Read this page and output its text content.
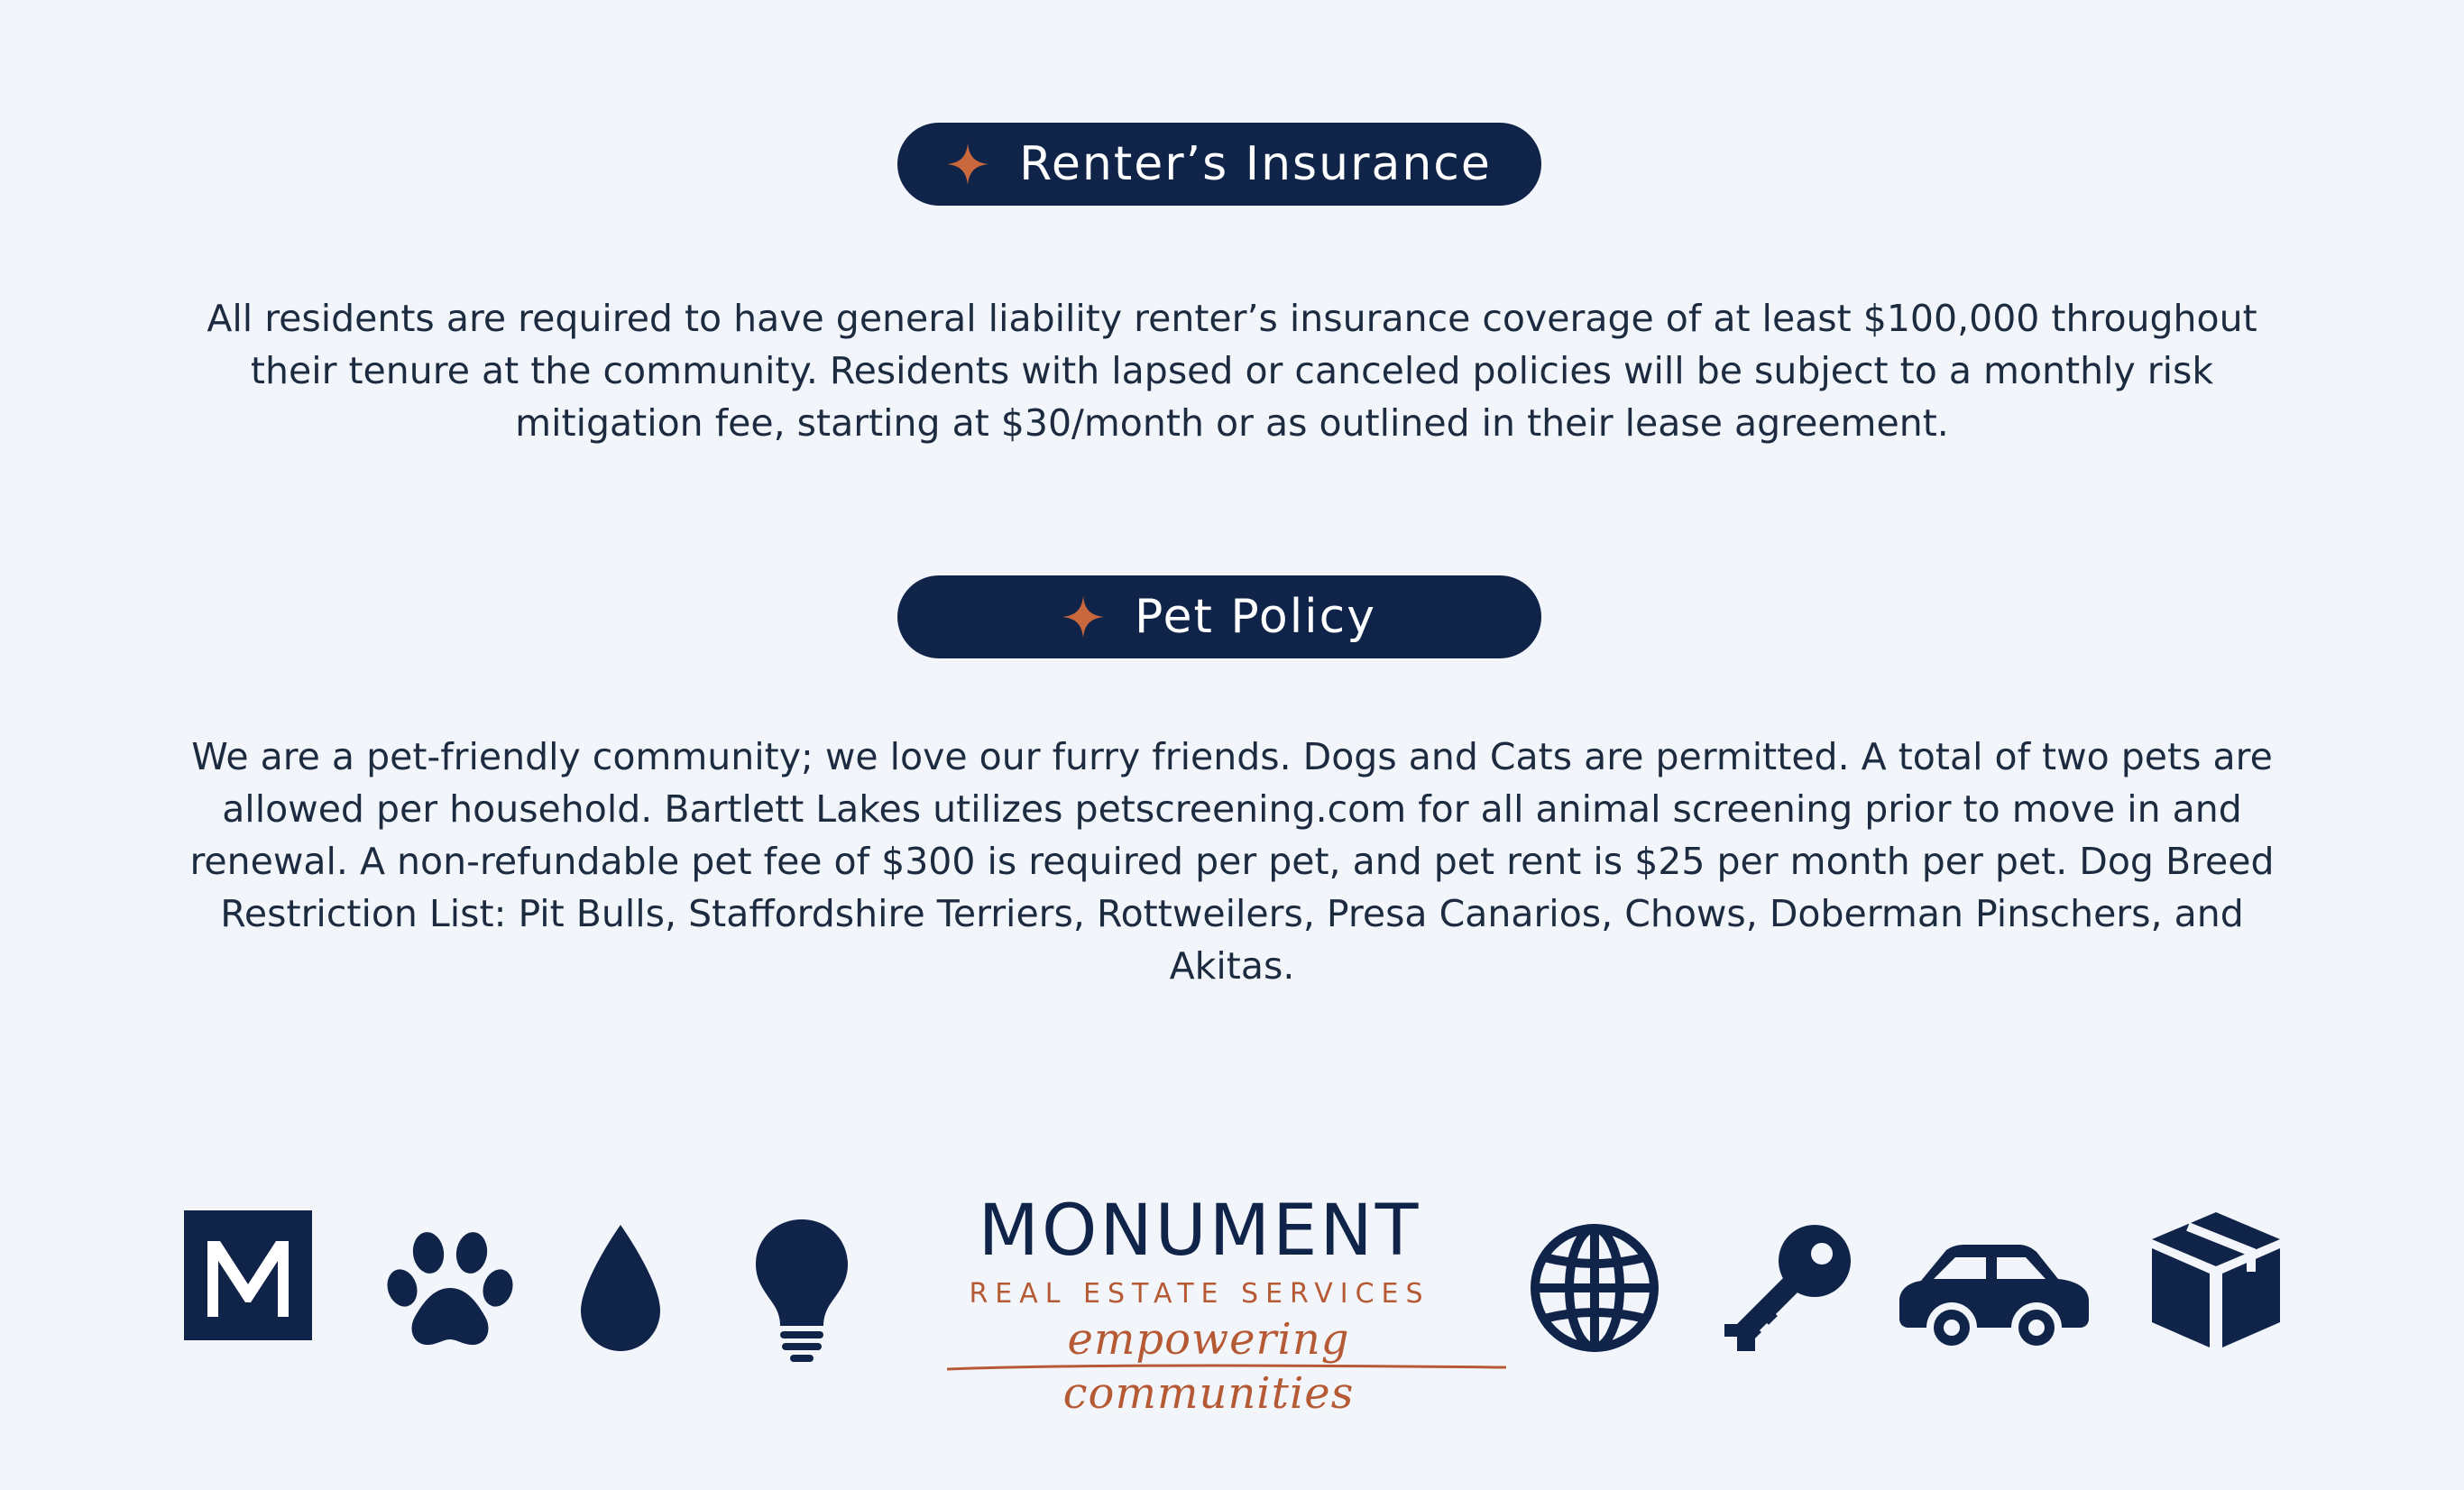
Renter’s Insurance
All residents are required to have general liability renter’s insurance coverage of at least $100,000 throughout their tenure at the community. Residents with lapsed or canceled policies will be subject to a monthly risk mitigation fee, starting at $30/month or as outlined in their lease agreement.
Pet Policy
We are a pet-friendly community; we love our furry friends. Dogs and Cats are permitted. A total of two pets are allowed per household. Bartlett Lakes utilizes petscreening.com for all animal screening prior to move in and renewal. A non-refundable pet fee of $300 is required per pet, and pet rent is $25 per month per pet. Dog Breed Restriction List: Pit Bulls, Staffordshire Terriers, Rottweilers, Presa Canarios, Chows, Doberman Pinschers, and Akitas.
MONUMENT
REAL ESTATE SERVICES
empowering communities
